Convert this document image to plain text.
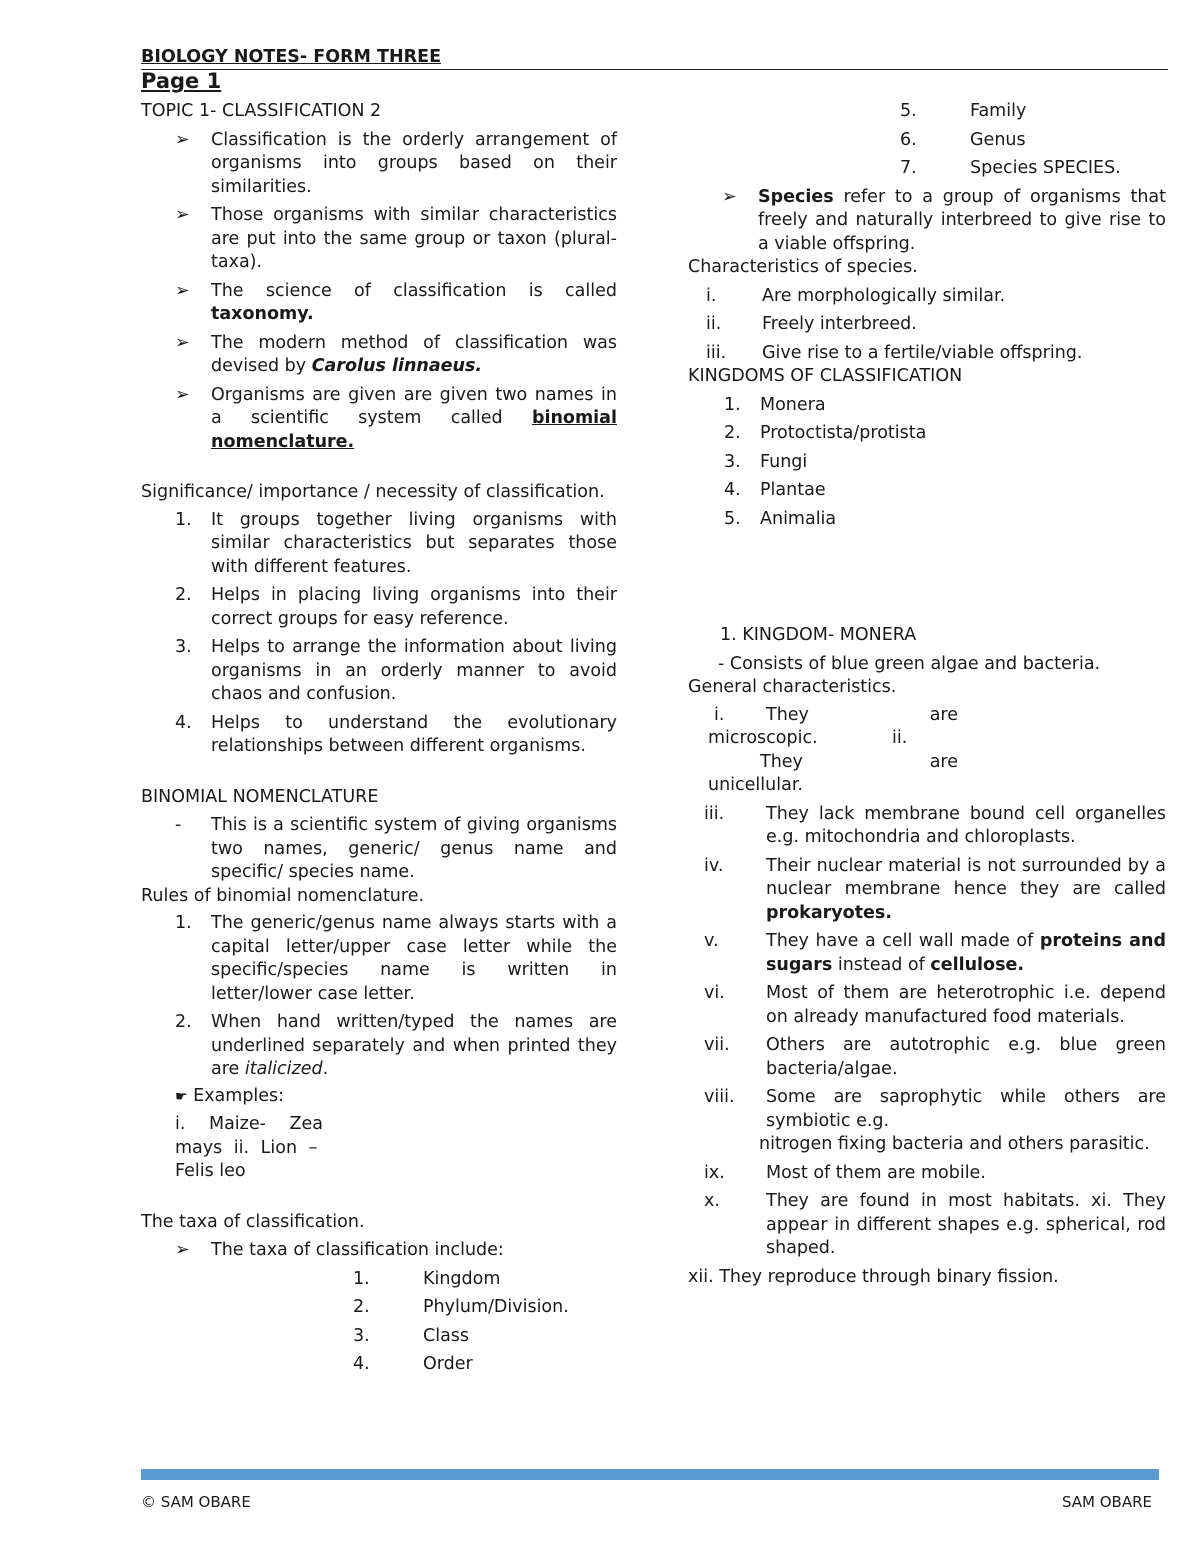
BIOLOGY NOTES- FORM THREE
Page 1

TOPIC 1- CLASSIFICATION 2

➢	Classification is the orderly arrangement of organisms into groups based on their similarities.
➢	Those organisms with similar characteristics are put into the same group or taxon (plural-taxa).
➢	The science of classification is called taxonomy.
➢	The modern method of classification was devised by Carolus linnaeus.
➢	Organisms are given are given two names in a scientific system called binomial nomenclature.

Significance/ importance / necessity of classification.

1.	It groups together living organisms with similar characteristics but separates those with different features.
2.	Helps in placing living organisms into their correct groups for easy reference.
3.	Helps to arrange the information about living organisms in an orderly manner to avoid chaos and confusion.
4.	Helps to understand the evolutionary relationships between different organisms.

BINOMIAL NOMENCLATURE

-	This is a scientific system of giving organisms two names, generic/ genus name and specific/ species name.

Rules of binomial nomenclature.

1.	The generic/genus name always starts with a capital letter/upper case letter while the specific/species name is written in letter/lower case letter.
2.	When hand written/typed the names are underlined separately and when printed they are italicized.
☛ Examples:
i. Maize- Zea
mays ii. Lion –
Felis leo

The taxa of classification.

➢	The taxa of classification include:
1.	Kingdom
2.	Phylum/Division.
3.	Class
4.	Order
5.	Family
6.	Genus
7.	Species SPECIES.
➢	Species refer to a group of organisms that freely and naturally interbreed to give rise to a viable offspring.

Characteristics of species.

i.	Are morphologically similar.
ii.	Freely interbreed.
iii.	Give rise to a fertile/viable offspring.

KINGDOMS OF CLASSIFICATION

1.	Monera
2.	Protoctista/protista
3.	Fungi
4.	Plantae
5.	Animalia

1. KINGDOM- MONERA

- Consists of blue green algae and bacteria.

General characteristics.

i.	They	are
microscopic.	ii.
They	are
unicellular.
iii.	They lack membrane bound cell organelles e.g. mitochondria and chloroplasts.
iv.	Their nuclear material is not surrounded by a nuclear membrane hence they are called prokaryotes.
v.	They have a cell wall made of proteins and sugars instead of cellulose.
vi.	Most of them are heterotrophic i.e. depend on already manufactured food materials.
vii.	Others are autotrophic e.g. blue green bacteria/algae.
viii.	Some are saprophytic while others are symbiotic e.g.

nitrogen fixing bacteria and others parasitic.

ix.	Most of them are mobile.
x.	They are found in most habitats. xi. They appear in different shapes e.g. spherical, rod shaped.

xii. They reproduce through binary fission.

© SAM OBARE	SAM OBARE
